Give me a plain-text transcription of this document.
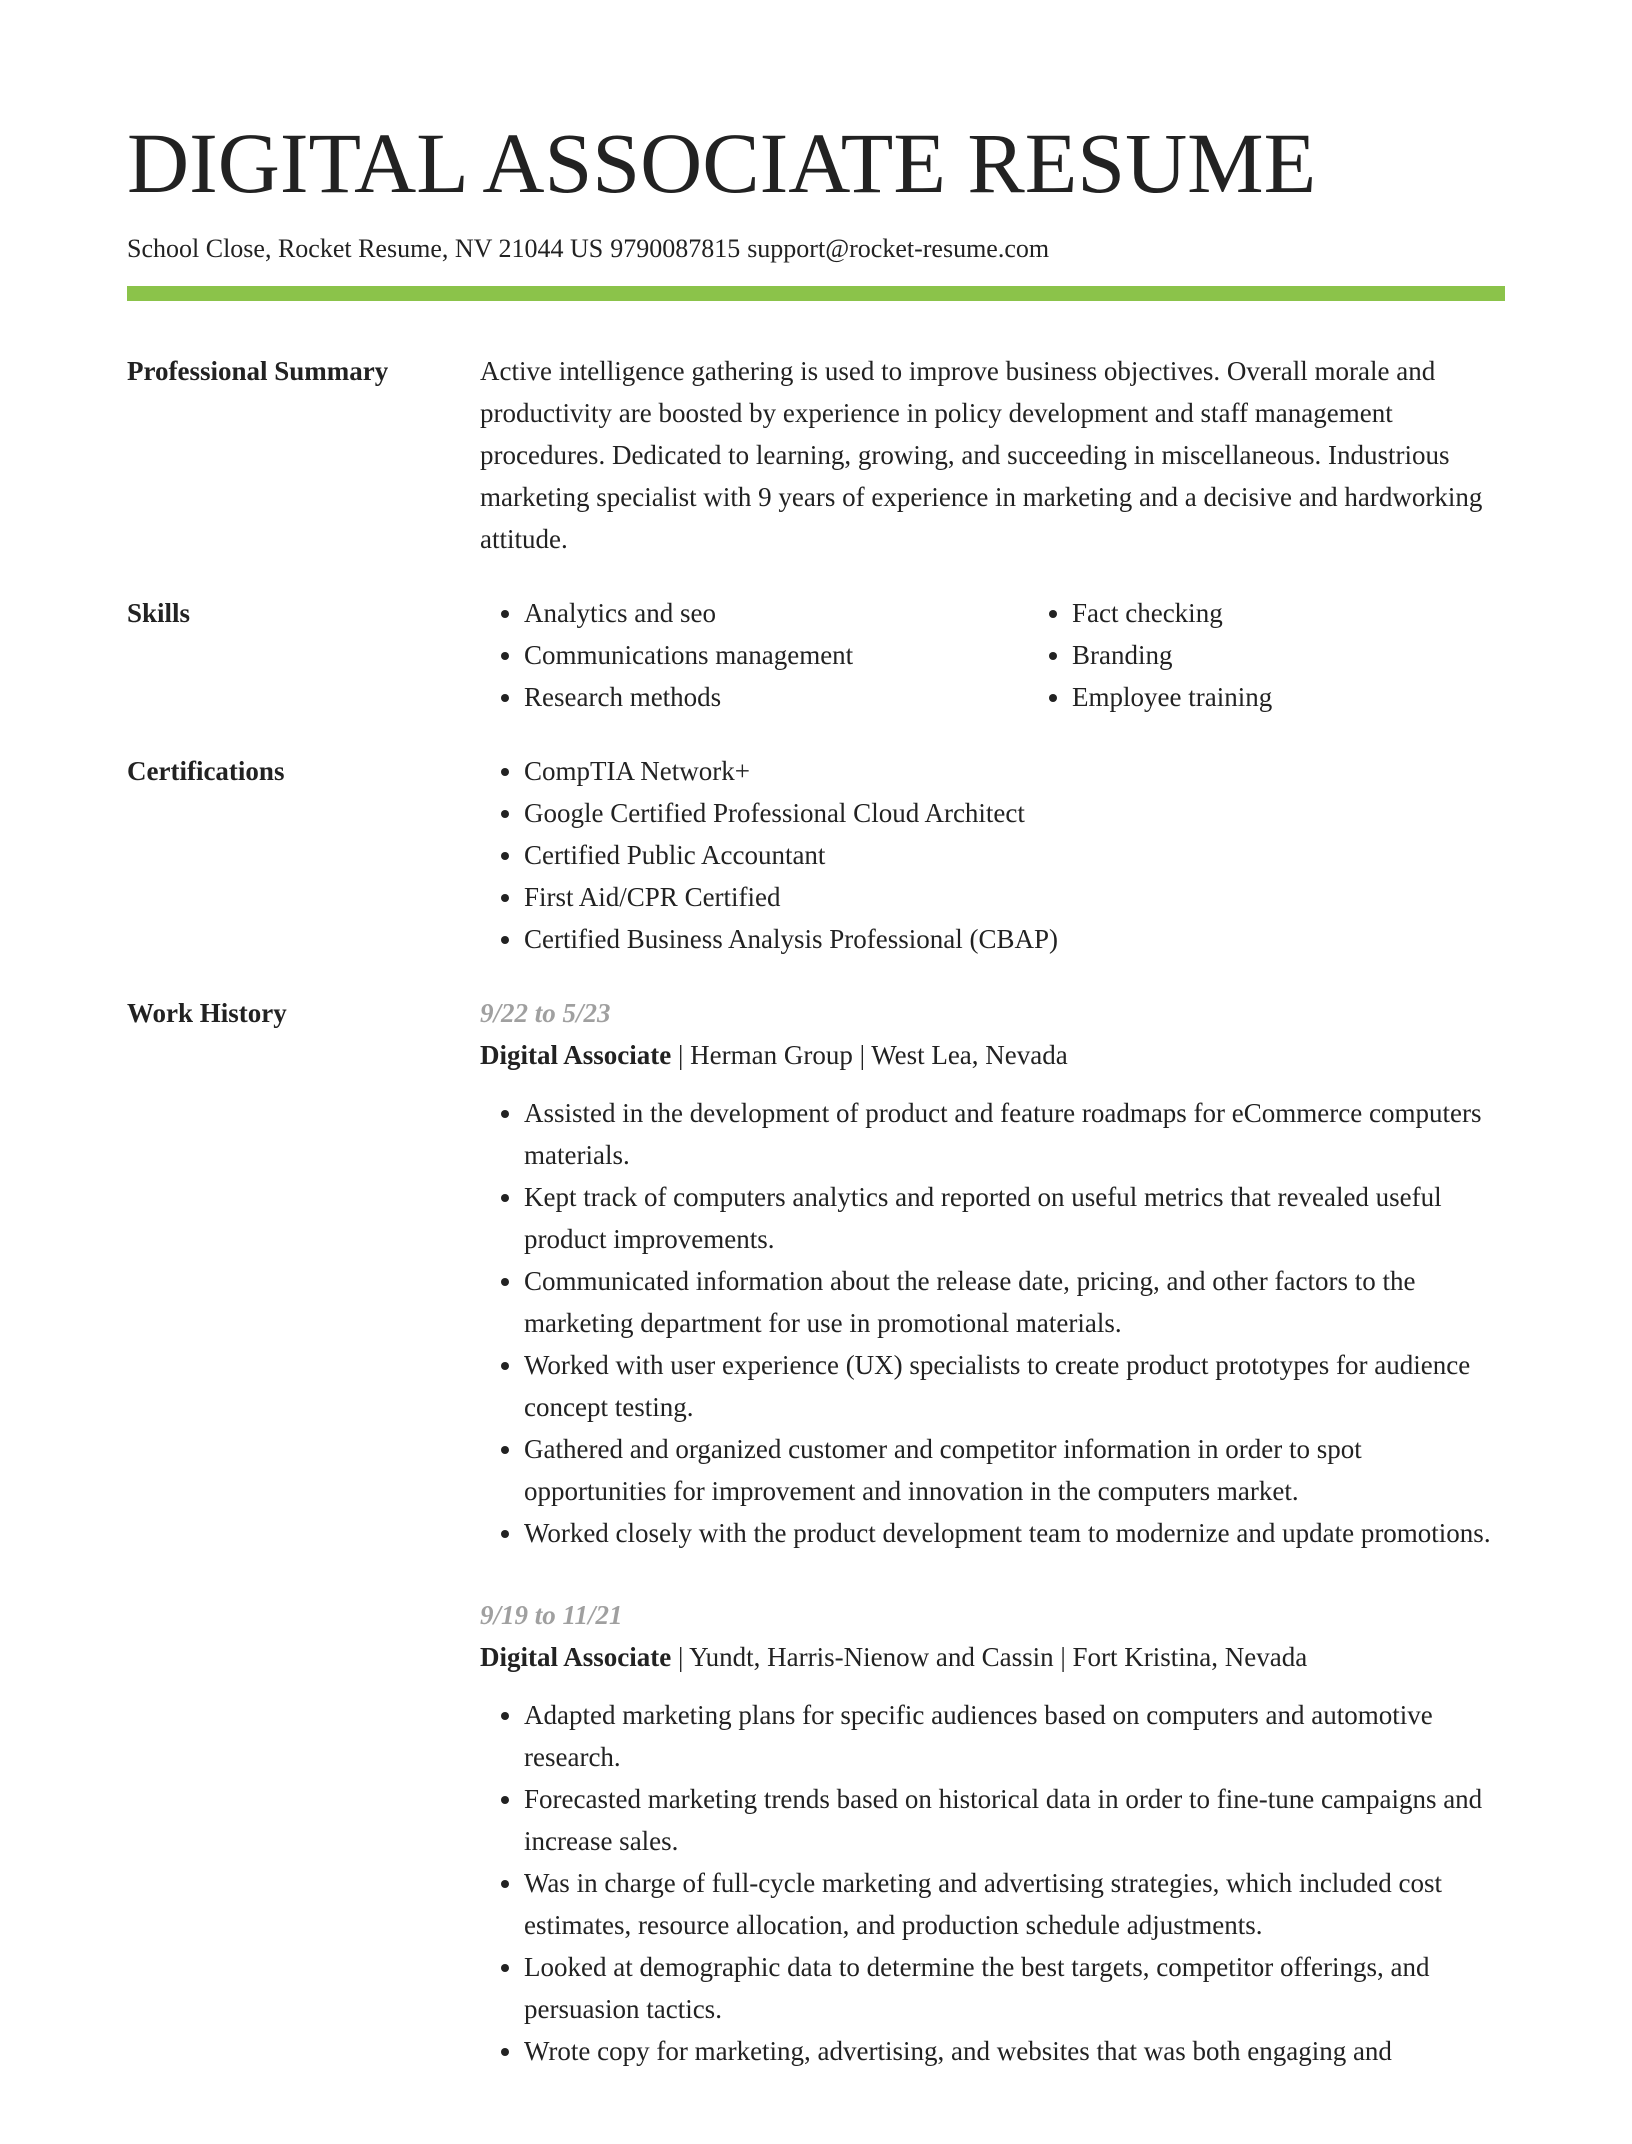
DIGITAL ASSOCIATE RESUME
School Close, Rocket Resume, NV 21044 US 9790087815 support@rocket-resume.com
Professional Summary	Active intelligence gathering is used to improve business objectives. Overall morale and productivity are boosted by experience in policy development and staff management procedures. Dedicated to learning, growing, and succeeding in miscellaneous. Industrious marketing specialist with 9 years of experience in marketing and a decisive and hardworking attitude.

Skills	• Analytics and seo
• Communications management
• Research methods
• Fact checking
• Branding
• Employee training
Certifications	• CompTIA Network+
• Google Certified Professional Cloud Architect
• Certified Public Accountant
• First Aid/CPR Certified
• Certified Business Analysis Professional (CBAP)
Work History	9/22 to 5/23
Digital Associate | Herman Group | West Lea, Nevada
• Assisted in the development of product and feature roadmaps for eCommerce computers materials.
• Kept track of computers analytics and reported on useful metrics that revealed useful product improvements.
• Communicated information about the release date, pricing, and other factors to the marketing department for use in promotional materials.
• Worked with user experience (UX) specialists to create product prototypes for audience concept testing.
• Gathered and organized customer and competitor information in order to spot opportunities for improvement and innovation in the computers market.
• Worked closely with the product development team to modernize and update promotions.
9/19 to 11/21
Digital Associate | Yundt, Harris-Nienow and Cassin | Fort Kristina, Nevada
• Adapted marketing plans for specific audiences based on computers and automotive research.
• Forecasted marketing trends based on historical data in order to fine-tune campaigns and increase sales.
• Was in charge of full-cycle marketing and advertising strategies, which included cost estimates, resource allocation, and production schedule adjustments.
• Looked at demographic data to determine the best targets, competitor offerings, and persuasion tactics.
• Wrote copy for marketing, advertising, and websites that was both engaging and
